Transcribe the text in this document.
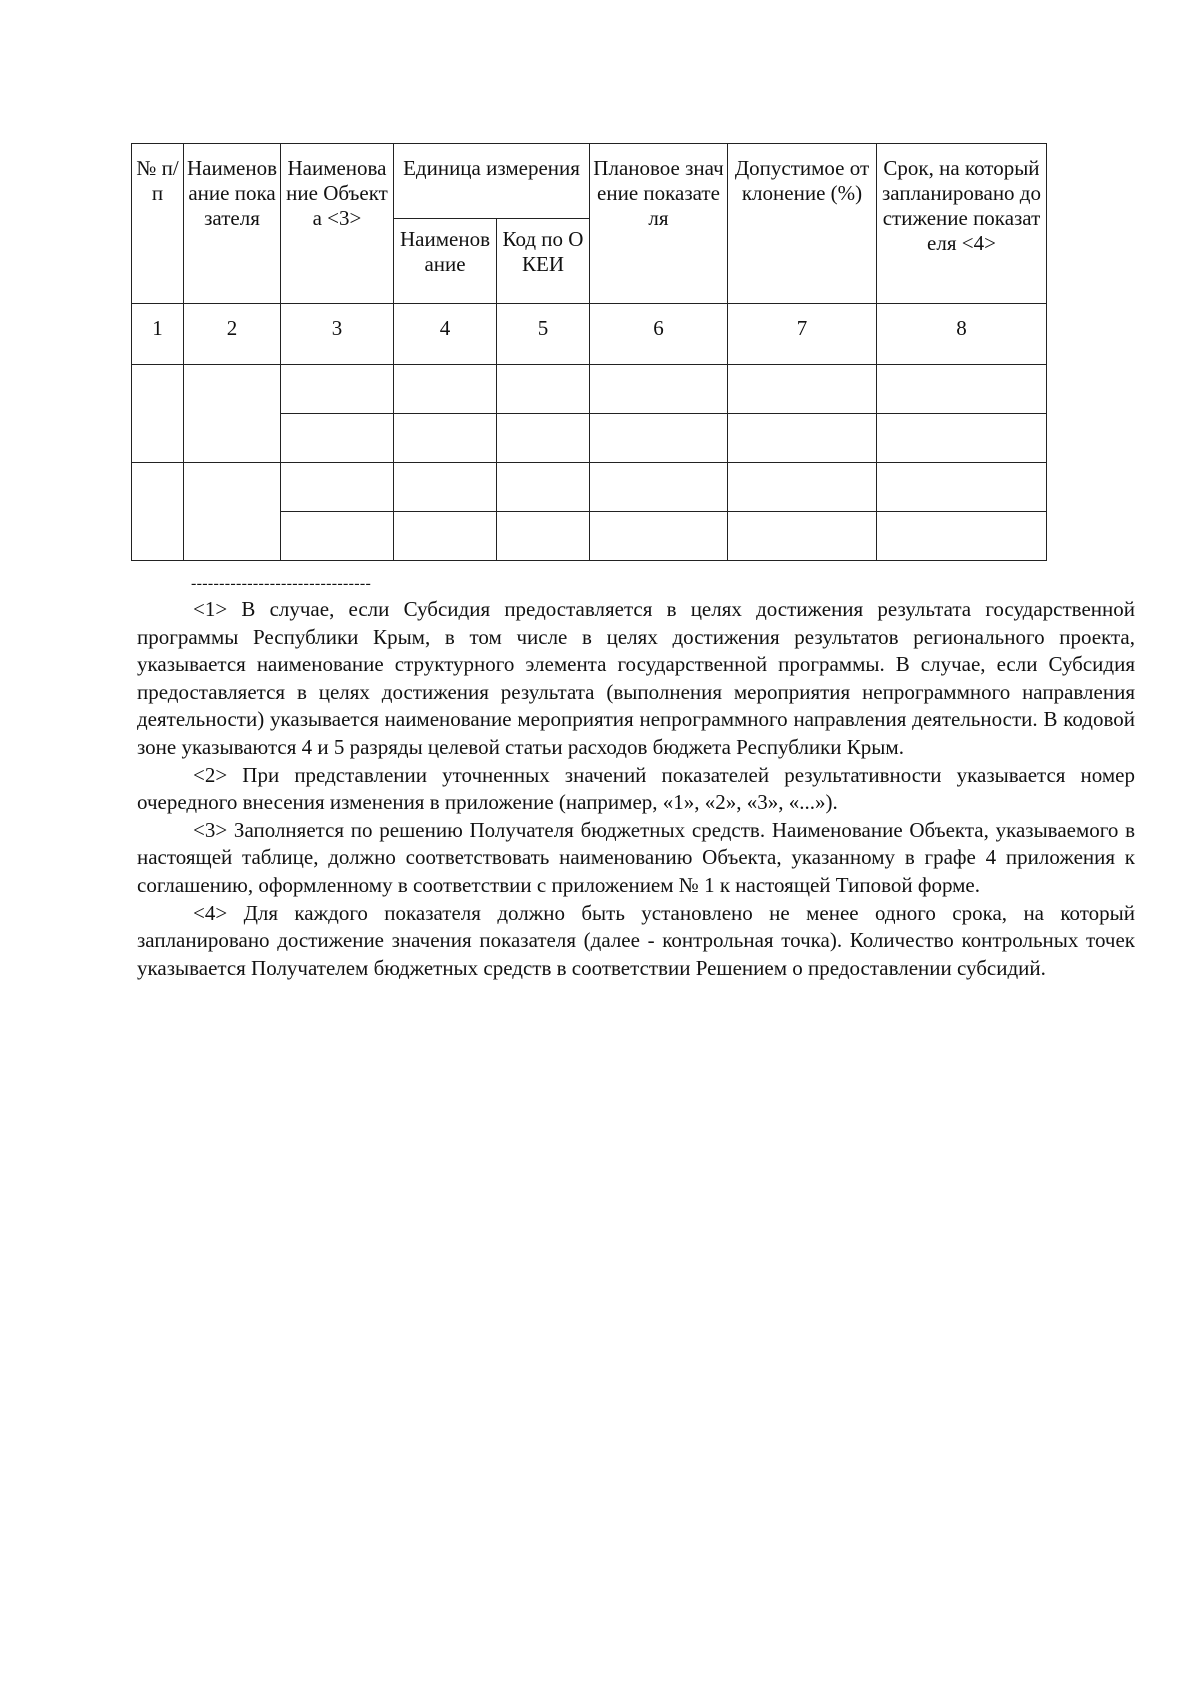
№ п/п	Наименование показателя	Наименование Объекта <3>	Единица измерения		Плановое значение показателя	Допустимое отклонение (%)	Срок, на который запланировано достижение показателя <4>
			Наименование	Код по ОКЕИ			
1	2	3	4	5	6	7	8

--------------------------------

<1> В случае, если Субсидия предоставляется в целях достижения результата государственной программы Республики Крым, в том числе в целях достижения результатов регионального проекта, указывается наименование структурного элемента государственной программы. В случае, если Субсидия предоставляется в целях достижения результата (выполнения мероприятия непрограммного направления деятельности) указывается наименование мероприятия непрограммного направления деятельности. В кодовой зоне указываются 4 и 5 разряды целевой статьи расходов бюджета Республики Крым.

<2> При представлении уточненных значений показателей результативности указывается номер очередного внесения изменения в приложение (например, «1», «2», «3», «...»).

<3> Заполняется по решению Получателя бюджетных средств. Наименование Объекта, указываемого в настоящей таблице, должно соответствовать наименованию Объекта, указанному в графе 4 приложения к соглашению, оформленному в соответствии с приложением № 1 к настоящей Типовой форме.

<4> Для каждого показателя должно быть установлено не менее одного срока, на который запланировано достижение значения показателя (далее - контрольная точка). Количество контрольных точек указывается Получателем бюджетных средств в соответствии Решением о предоставлении субсидий.
